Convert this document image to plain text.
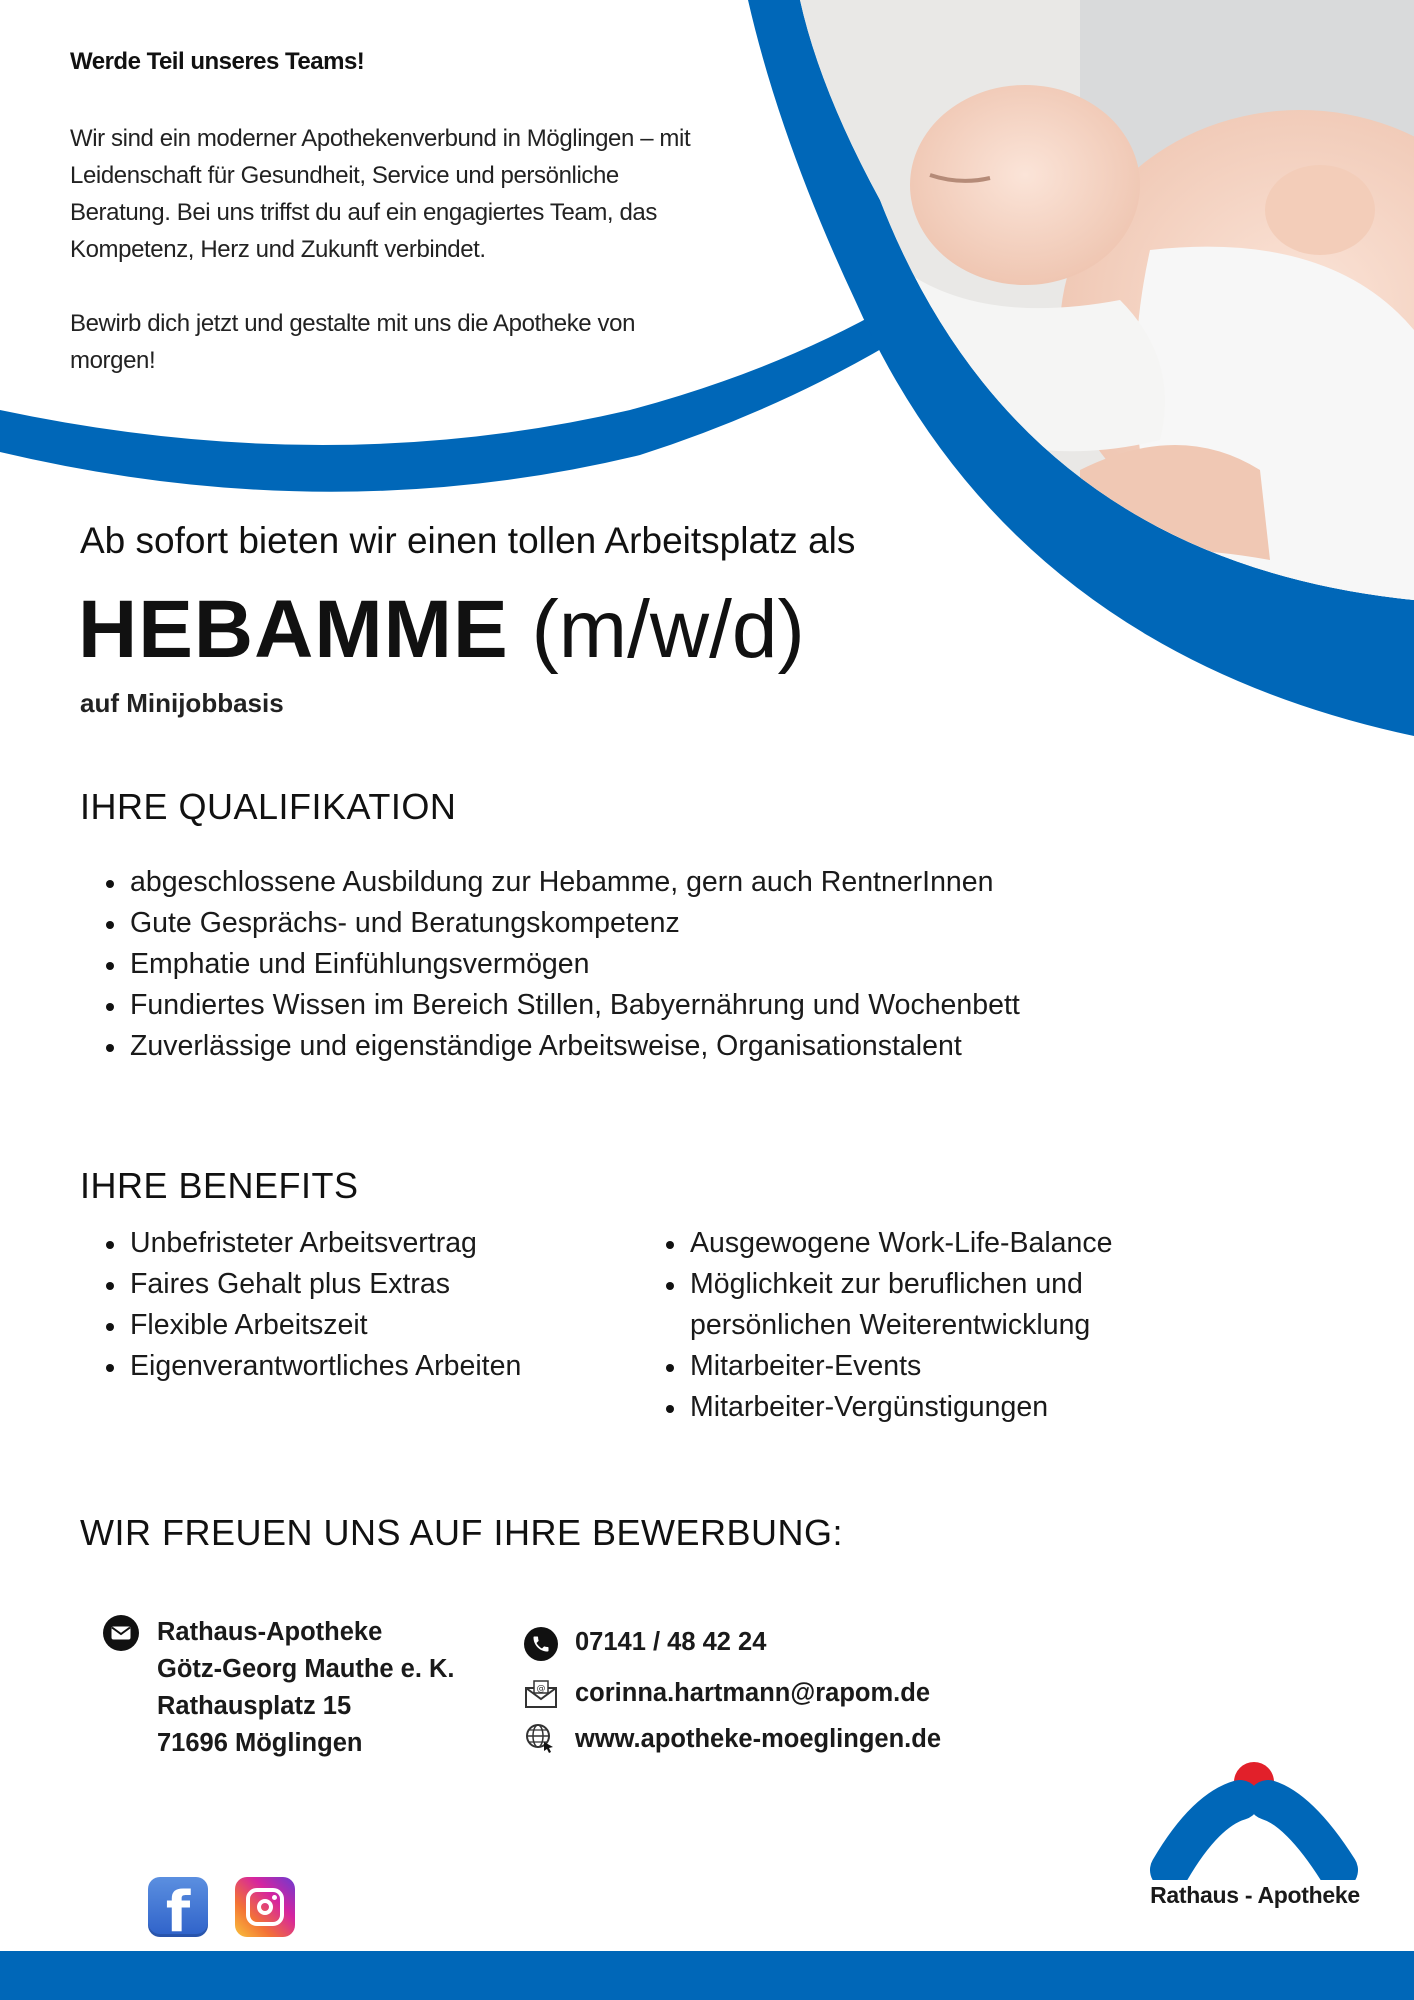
Werde Teil unseres Teams!
Wir sind ein moderner Apothekenverbund in Möglingen – mit
Leidenschaft für Gesundheit, Service und persönliche
Beratung. Bei uns triffst du auf ein engagiertes Team, das
Kompetenz, Herz und Zukunft verbindet.
Bewirb dich jetzt und gestalte mit uns die Apotheke von
morgen!
Ab sofort bieten wir einen tollen Arbeitsplatz als
HEBAMME (m/w/d)
auf Minijobbasis
IHRE QUALIFIKATION
abgeschlossene Ausbildung zur Hebamme, gern auch RentnerInnen
Gute Gesprächs- und Beratungskompetenz
Emphatie und Einfühlungsvermögen
Fundiertes Wissen im Bereich Stillen, Babyernährung und Wochenbett
Zuverlässige und eigenständige Arbeitsweise, Organisationstalent
IHRE BENEFITS
Unbefristeter Arbeitsvertrag
Faires Gehalt plus Extras
Flexible Arbeitszeit
Eigenverantwortliches Arbeiten
Ausgewogene Work-Life-Balance
Möglichkeit zur beruflichen und persönlichen Weiterentwicklung
Mitarbeiter-Events
Mitarbeiter-Vergünstigungen
WIR FREUEN UNS AUF IHRE BEWERBUNG:
Rathaus-Apotheke
Götz-Georg Mauthe e. K.
Rathausplatz 15
71696 Möglingen
07141 / 48 42 24
@ corinna.hartmann@rapom.de
www.apotheke-moeglingen.de
f	Rathaus - Apotheke
